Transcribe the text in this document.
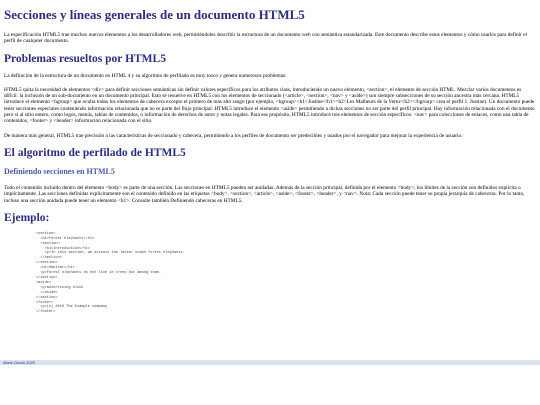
Secciones y líneas generales de un documento HTML5

La especificación HTML5 trae muchos nuevos elementos a los desarrolladores web, permitiéndoles describir la estructura de un documento web con semántica estandarizada. Este documento describe estos elementos y cómo usarlos para definir el perfil de cualquier documento.

Problemas resueltos por HTML5

La definición de la estructura de un documento en HTML 4 y su algoritmo de perfilado es muy tosco y genera numerosos problemas:

HTML5 quita la necesidad de elementos <div> para definir secciones semánticas sin definir valores específicos para los atributos class, introduciendo un nuevo elemento, <section>, el elemento de sección HTML. Mezclar varios documentos es difícil: la inclusión de un sub-documento en un documento principal. Esto se resuelve en HTML5 con los elementos de seccionado (<article>, <section>, <nav> y <aside>) son siempre subsecciones de su sección ancestra más cercana. HTML5 introduce el elemento <hgroup> que oculta todos los elementos de cabecera excepto el primero de más alto rango (por ejemplo, <hgroup><h1>Justine</h1><h2>Les Malheurs de la Vertu</h2></hgroup> crea el perfil 1. Justine). Un documento puede tener secciones especiales conteniendo información relacionada que no es parte del flujo principal. HTML5 introduce el elemento <aside> permitiendo a dichas secciones no ser parte del perfil principal. Hay información relacionada con el documento pero si al sitio entero, como logos, menús, tablas de contenidos, o información de derechos de autor y notas legales. Para ese propósito, HTML5 introduce tres elementos de sección específicos: <nav> para colecciones de enlaces, como una tabla de contenidos, <footer> y <header> información relacionada con el sitio.

De manera más general, HTML5 trae precisión a las características de seccionado y cabecera, permitiendo a los perfiles de documento ser predecibles y usados por el navegador para mejorar la experiencia de usuario.

El algoritmo de perfilado de HTML5
Definiendo secciones en HTML5

Todo el contenido incluido dentro del elemento <body> es parte de una sección. Las secciones en HTML5 pueden ser anidadas. Además de la sección principal, definida por el elemento <body>, los límites de la sección son definidos explícita o implícitamente. Las secciones definidas explícitamente son el contenido definido en las etiquetas <body>, <section>, <article>, <aside>, <footer>, <header>, y <nav>. Nota: Cada sección puede tener su propia jerarquía de cabeceras. Por lo tanto, incluso una sección anidada puede tener un elemento <h1>. Consulte también Definiendo cabeceras en HTML5.

Ejemplo:
<section>
<h1>Forest elephants</h1>
<section>
<h1>Introduction</h1>
<p>In this section, we discuss the lesser known forest elephants.
</section>
</section>
<h1>Habitat</h1>
<p>Forest elephants do not live in trees but among them.
</section>
<aside>
<p>advertising block
</aside>
</section>
<footer>
<p>(c) 2010 The Example company
</footer>
Mario Durán 2020
